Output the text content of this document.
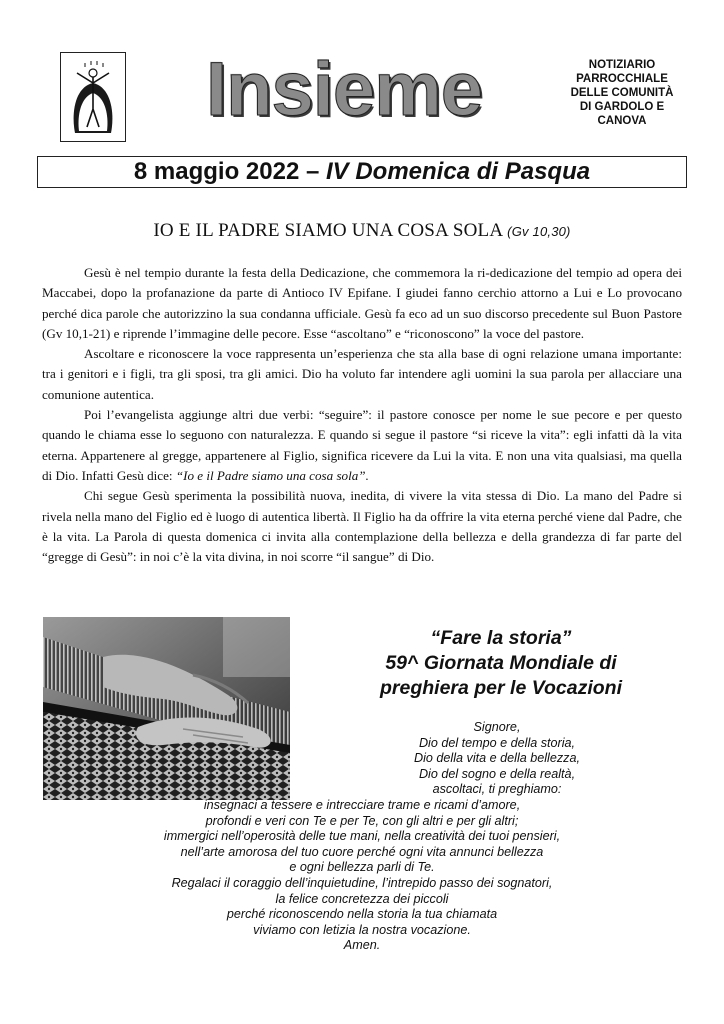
Insieme	NOTIZIARIO
PARROCCHIALE
DELLE COMUNITÀ
DI GARDOLO E
CANOVA
8 maggio 2022 – IV Domenica di Pasqua
IO E IL PADRE SIAMO UNA COSA SOLA (Gv 10,30)

Gesù è nel tempio durante la festa della Dedicazione, che commemora la ri-dedicazione del tempio ad opera dei Maccabei, dopo la profanazione da parte di Antioco IV Epifane. I giudei fanno cerchio attorno a Lui e Lo provocano perché dica parole che autorizzino la sua condanna ufficiale. Gesù fa eco ad un suo discorso precedente sul Buon Pastore (Gv 10,1-21) e riprende l’immagine delle pecore. Esse “ascoltano” e “riconoscono” la voce del pastore.

Ascoltare e riconoscere la voce rappresenta un’esperienza che sta alla base di ogni relazione umana importante: tra i genitori e i figli, tra gli sposi, tra gli amici. Dio ha voluto far intendere agli uomini la sua parola per allacciare una comunione autentica.

Poi l’evangelista aggiunge altri due verbi: “seguire”: il pastore conosce per nome le sue pecore e per questo quando le chiama esse lo seguono con naturalezza. E quando si segue il pastore “si riceve la vita”: egli infatti dà la vita eterna. Appartenere al gregge, appartenere al Figlio, significa ricevere da Lui la vita. E non una vita qualsiasi, ma quella di Dio. Infatti Gesù dice: “Io e il Padre siamo una cosa sola”.

Chi segue Gesù sperimenta la possibilità nuova, inedita, di vivere la vita stessa di Dio. La mano del Padre si rivela nella mano del Figlio ed è luogo di autentica libertà. Il Figlio ha da offrire la vita eterna perché viene dal Padre, che è la vita. La Parola di questa domenica ci invita alla contemplazione della bellezza e della grandezza di far parte del “gregge di Gesù”: in noi c’è la vita divina, in noi scorre “il sangue” di Dio.

“Fare la storia”
59^ Giornata Mondiale di
preghiera per le Vocazioni
Signore,
Dio del tempo e della storia,
Dio della vita e della bellezza,
Dio del sogno e della realtà,
ascoltaci, ti preghiamo:
insegnaci a tessere e intrecciare trame e ricami d’amore,
profondi e veri con Te e per Te, con gli altri e per gli altri;
immergici nell’operosità delle tue mani, nella creatività dei tuoi pensieri,
nell’arte amorosa del tuo cuore perché ogni vita annunci bellezza
e ogni bellezza parli di Te.
Regalaci il coraggio dell’inquietudine, l’intrepido passo dei sognatori,
la felice concretezza dei piccoli
perché riconoscendo nella storia la tua chiamata
viviamo con letizia la nostra vocazione.
Amen.
